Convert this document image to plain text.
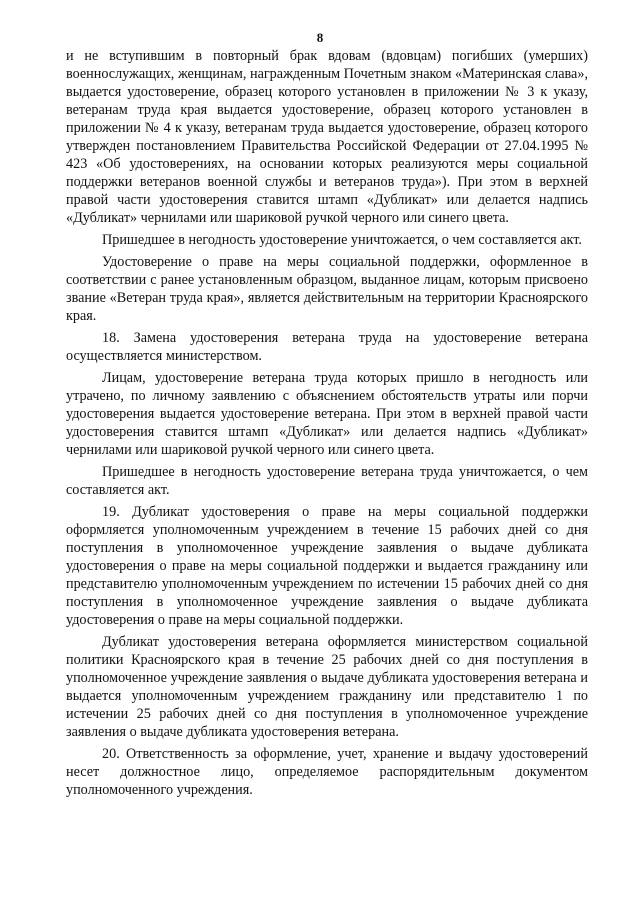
8

и не вступившим в повторный брак вдовам (вдовцам) погибших (умерших) военнослужащих, женщинам, награжденным Почетным знаком «Материнская слава», выдается удостоверение, образец которого установлен в приложении № 3 к указу, ветеранам труда края выдается удостоверение, образец которого установлен в приложении № 4 к указу, ветеранам труда выдается удостоверение, образец которого утвержден постановлением Правительства Российской Федерации от 27.04.1995 № 423 «Об удостоверениях, на основании которых реализуются меры социальной поддержки ветеранов военной службы и ветеранов труда»). При этом в верхней правой части удостоверения ставится штамп «Дубликат» или делается надпись «Дубликат» чернилами или шариковой ручкой черного или синего цвета.

Пришедшее в негодность удостоверение уничтожается, о чем составляется акт.

Удостоверение о праве на меры социальной поддержки, оформленное в соответствии с ранее установленным образцом, выданное лицам, которым присвоено звание «Ветеран труда края», является действительным на территории Красноярского края.

18. Замена удостоверения ветерана труда на удостоверение ветерана осуществляется министерством.

Лицам, удостоверение ветерана труда которых пришло в негодность или утрачено, по личному заявлению с объяснением обстоятельств утраты или порчи удостоверения выдается удостоверение ветерана. При этом в верхней правой части удостоверения ставится штамп «Дубликат» или делается надпись «Дубликат» чернилами или шариковой ручкой черного или синего цвета.

Пришедшее в негодность удостоверение ветерана труда уничтожается, о чем составляется акт.

19. Дубликат удостоверения о праве на меры социальной поддержки оформляется уполномоченным учреждением в течение 15 рабочих дней со дня поступления в уполномоченное учреждение заявления о выдаче дубликата удостоверения о праве на меры социальной поддержки и выдается гражданину или представителю уполномоченным учреждением по истечении 15 рабочих дней со дня поступления в уполномоченное учреждение заявления о выдаче дубликата удостоверения о праве на меры социальной поддержки.

Дубликат удостоверения ветерана оформляется министерством социальной политики Красноярского края в течение 25 рабочих дней со дня поступления в уполномоченное учреждение заявления о выдаче дубликата удостоверения ветерана и выдается уполномоченным учреждением гражданину или представителю 1 по истечении 25 рабочих дней со дня поступления в уполномоченное учреждение заявления о выдаче дубликата удостоверения ветерана.

20. Ответственность за оформление, учет, хранение и выдачу удостоверений несет должностное лицо, определяемое распорядительным документом уполномоченного учреждения.
